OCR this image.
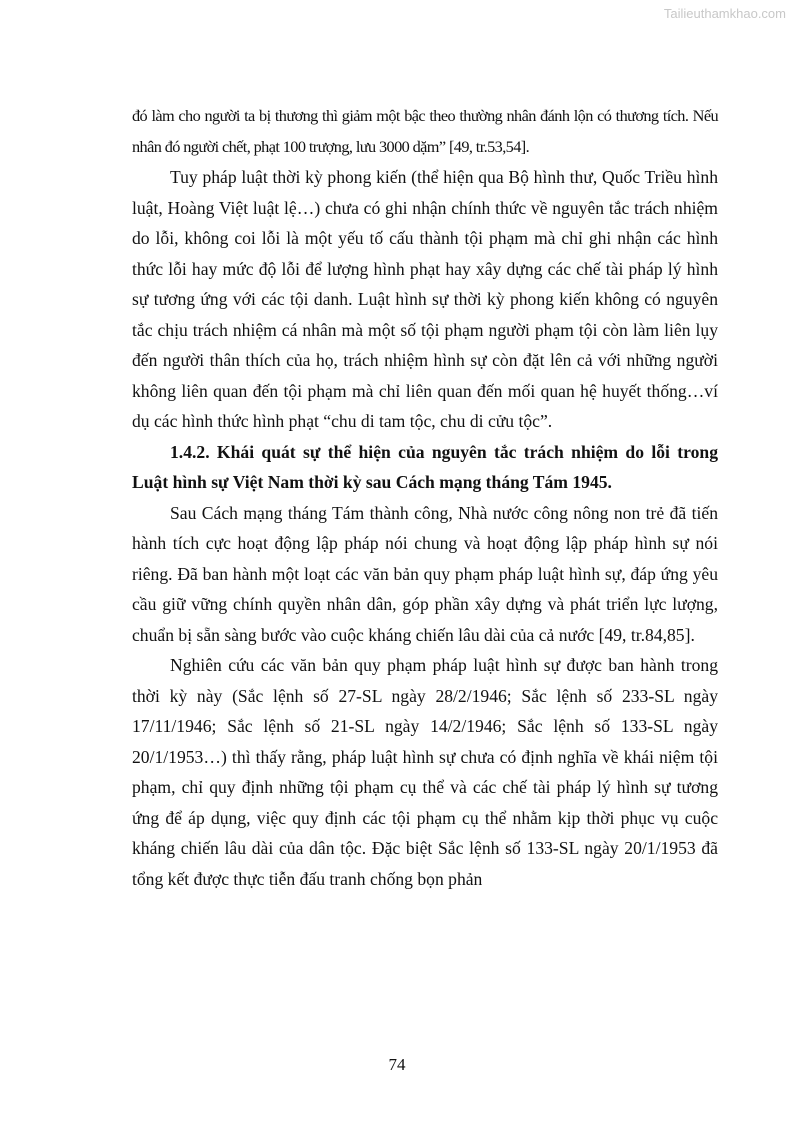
Tailieuthamkhao.com

đó làm cho người ta bị thương thì giảm một bậc theo thường nhân đánh lộn có thương tích. Nếu nhân đó người chết, phạt 100 trượng, lưu 3000 dặm” [49, tr.53,54].

Tuy pháp luật thời kỳ phong kiến (thể hiện qua Bộ hình thư, Quốc Triều hình luật, Hoàng Việt luật lệ…) chưa có ghi nhận chính thức về nguyên tắc trách nhiệm do lỗi, không coi lỗi là một yếu tố cấu thành tội phạm mà chỉ ghi nhận các hình thức lỗi hay mức độ lỗi để lượng hình phạt hay xây dựng các chế tài pháp lý hình sự tương ứng với các tội danh. Luật hình sự thời kỳ phong kiến không có nguyên tắc chịu trách nhiệm cá nhân mà một số tội phạm người phạm tội còn làm liên lụy đến người thân thích của họ, trách nhiệm hình sự còn đặt lên cả với những người không liên quan đến tội phạm mà chỉ liên quan đến mối quan hệ huyết thống…ví dụ các hình thức hình phạt “chu di tam tộc, chu di cửu tộc”.

1.4.2. Khái quát sự thể hiện của nguyên tắc trách nhiệm do lỗi trong Luật hình sự Việt Nam thời kỳ sau Cách mạng tháng Tám 1945.

Sau Cách mạng tháng Tám thành công, Nhà nước công nông non trẻ đã tiến hành tích cực hoạt động lập pháp nói chung và hoạt động lập pháp hình sự nói riêng. Đã ban hành một loạt các văn bản quy phạm pháp luật hình sự, đáp ứng yêu cầu giữ vững chính quyền nhân dân, góp phần xây dựng và phát triển lực lượng, chuẩn bị sẵn sàng bước vào cuộc kháng chiến lâu dài của cả nước [49, tr.84,85].

Nghiên cứu các văn bản quy phạm pháp luật hình sự được ban hành trong thời kỳ này (Sắc lệnh số 27-SL ngày 28/2/1946; Sắc lệnh số 233-SL ngày 17/11/1946; Sắc lệnh số 21-SL ngày 14/2/1946; Sắc lệnh số 133-SL ngày 20/1/1953…) thì thấy rằng, pháp luật hình sự chưa có định nghĩa về khái niệm tội phạm, chỉ quy định những tội phạm cụ thể và các chế tài pháp lý hình sự tương ứng để áp dụng, việc quy định các tội phạm cụ thể nhằm kịp thời phục vụ cuộc kháng chiến lâu dài của dân tộc. Đặc biệt Sắc lệnh số 133-SL ngày 20/1/1953 đã tổng kết được thực tiễn đấu tranh chống bọn phản

74
